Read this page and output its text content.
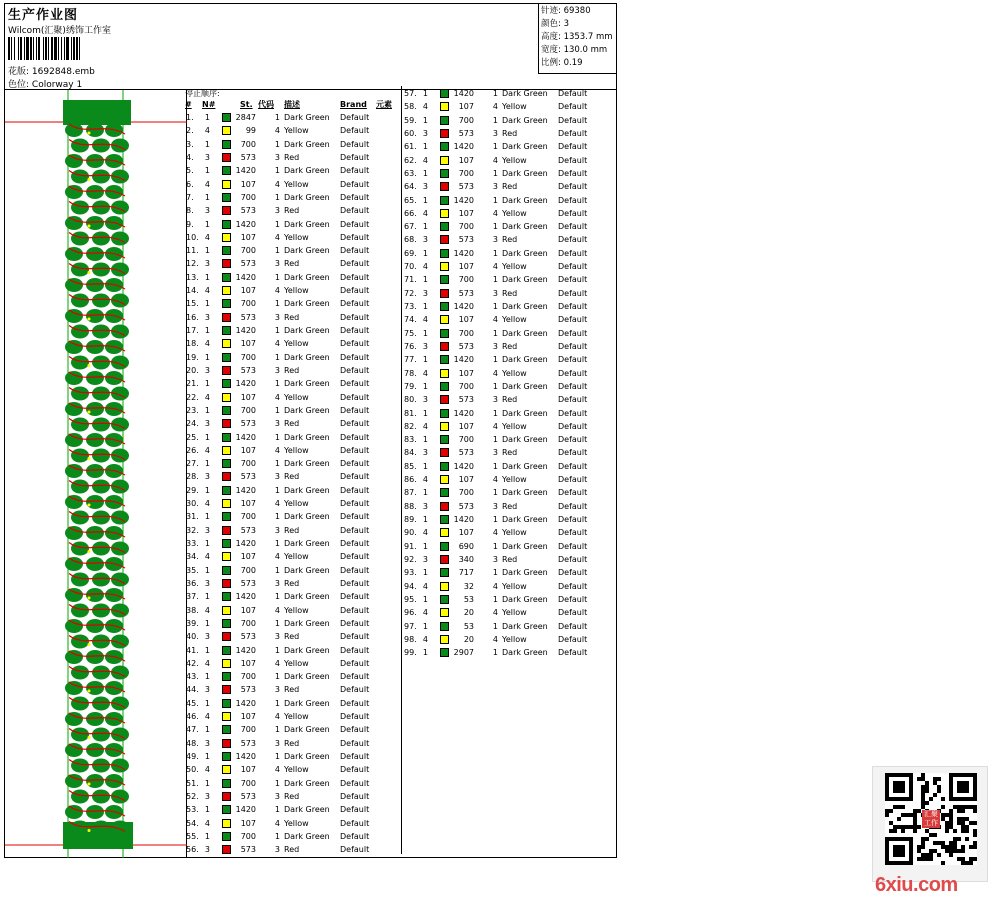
生产作业图
Wilcom(汇聚)绣饰工作室
花版: 1692848.emb
色位: Colorway 1
针迹: 69380
颜色: 3
高度: 1353.7 mm
宽度: 130.0 mm
比例: 0.19
停止顺序:
# N#	St. 代码 描述	Brand 元素
1. 1	2847 1 Dark Green Default
2. 4	99 4 Yellow	Default
3. 1	700 1 Dark Green Default
4. 3	573 3 Red	Default
5. 1	1420 1 Dark Green Default
6. 4	107 4 Yellow	Default
7. 1	700 1 Dark Green Default
8. 3	573 3 Red	Default
9. 1	1420 1 Dark Green Default
10. 4	107 4 Yellow	Default
11. 1	700 1 Dark Green Default
12. 3	573 3 Red	Default
13. 1	1420 1 Dark Green Default
14. 4	107 4 Yellow	Default
15. 1	700 1 Dark Green Default
16. 3	573 3 Red	Default
17. 1	1420 1 Dark Green Default
18. 4	107 4 Yellow	Default
19. 1	700 1 Dark Green Default
20. 3	573 3 Red	Default
21. 1	1420 1 Dark Green Default
22. 4	107 4 Yellow	Default
23. 1	700 1 Dark Green Default
24. 3	573 3 Red	Default
25. 1	1420 1 Dark Green Default
26. 4	107 4 Yellow	Default
27. 1	700 1 Dark Green Default
28. 3	573 3 Red	Default
29. 1	1420 1 Dark Green Default
30. 4	107 4 Yellow	Default
31. 1	700 1 Dark Green Default
32. 3	573 3 Red	Default
33. 1	1420 1 Dark Green Default
34. 4	107 4 Yellow	Default
35. 1	700 1 Dark Green Default
36. 3	573 3 Red	Default
37. 1	1420 1 Dark Green Default
38. 4	107 4 Yellow	Default
39. 1	700 1 Dark Green Default
40. 3	573 3 Red	Default
41. 1	1420 1 Dark Green Default
42. 4	107 4 Yellow	Default
43. 1	700 1 Dark Green Default
44. 3	573 3 Red	Default
45. 1	1420 1 Dark Green Default
46. 4	107 4 Yellow	Default
47. 1	700 1 Dark Green Default
48. 3	573 3 Red	Default
49. 1	1420 1 Dark Green Default
50. 4	107 4 Yellow	Default
51. 1	700 1 Dark Green Default
52. 3	573 3 Red	Default
53. 1	1420 1 Dark Green Default
54. 4	107 4 Yellow	Default
55. 1	700 1 Dark Green Default
56. 3	573 3 Red	Default
57. 1	1420 1 Dark Green Default
58. 4	107 4 Yellow	Default
59. 1	700 1 Dark Green Default
60. 3	573 3 Red	Default
61. 1	1420 1 Dark Green Default
62. 4	107 4 Yellow	Default
63. 1	700 1 Dark Green Default
64. 3	573 3 Red	Default
65. 1	1420 1 Dark Green Default
66. 4	107 4 Yellow	Default
67. 1	700 1 Dark Green Default
68. 3	573 3 Red	Default
69. 1	1420 1 Dark Green Default
70. 4	107 4 Yellow	Default
71. 1	700 1 Dark Green Default
72. 3	573 3 Red	Default
73. 1	1420 1 Dark Green Default
74. 4	107 4 Yellow	Default
75. 1	700 1 Dark Green Default
76. 3	573 3 Red	Default
77. 1	1420 1 Dark Green Default
78. 4	107 4 Yellow	Default
79. 1	700 1 Dark Green Default
80. 3	573 3 Red	Default
81. 1	1420 1 Dark Green Default
82. 4	107 4 Yellow	Default
83. 1	700 1 Dark Green Default
84. 3	573 3 Red	Default
85. 1	1420 1 Dark Green Default
86. 4	107 4 Yellow	Default
87. 1	700 1 Dark Green Default
88. 3	573 3 Red	Default
89. 1	1420 1 Dark Green Default
90. 4	107 4 Yellow	Default
91. 1	690 1 Dark Green Default
92. 3	340 3 Red	Default
93. 1	717 1 Dark Green Default
94. 4	32 4 Yellow	Default
95. 1	53 1 Dark Green Default
96. 4	20 4 Yellow	Default
97. 1	53 1 Dark Green Default
98. 4	20 4 Yellow	Default
99. 1	2907 1 Dark Green Default
汇聚工作
6xiu.com
